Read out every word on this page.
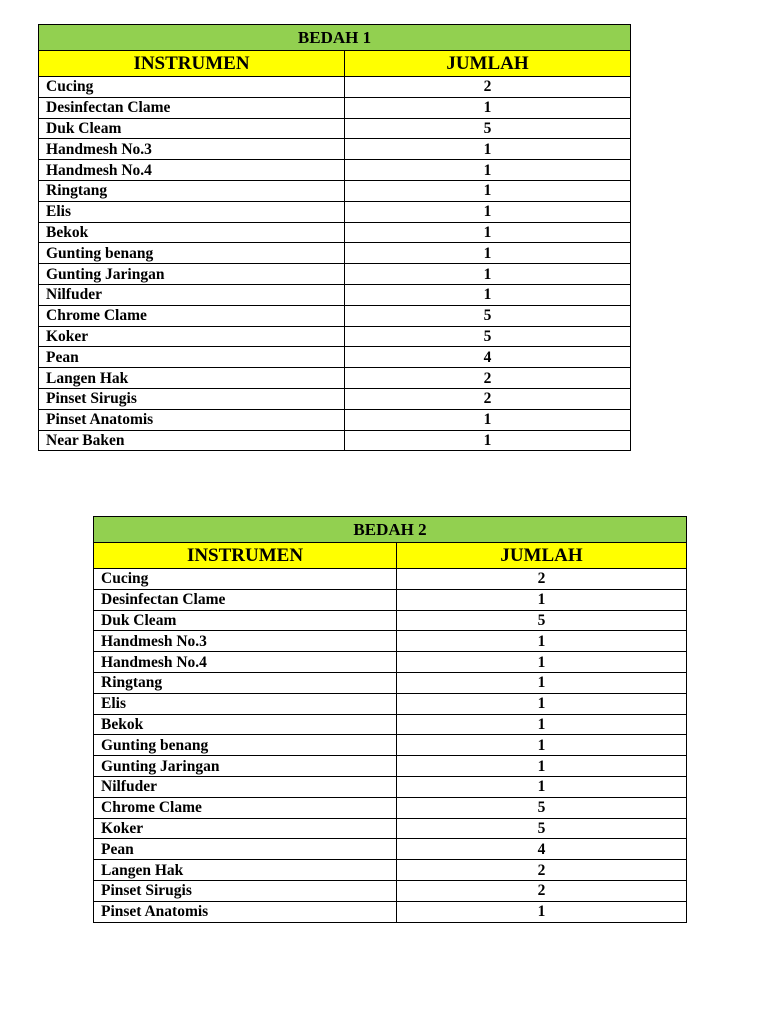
BEDAH 1	
INSTRUMEN	JUMLAH
Cucing	2
Desinfectan Clame	1
Duk Cleam	5
Handmesh No.3	1
Handmesh No.4	1
Ringtang	1
Elis	1
Bekok	1
Gunting benang	1
Gunting Jaringan	1
Nilfuder	1
Chrome Clame	5
Koker	5
Pean	4
Langen Hak	2
Pinset Sirugis	2
Pinset Anatomis	1
Near Baken	1
BEDAH 2	
INSTRUMEN	JUMLAH
Cucing	2
Desinfectan Clame	1
Duk Cleam	5
Handmesh No.3	1
Handmesh No.4	1
Ringtang	1
Elis	1
Bekok	1
Gunting benang	1
Gunting Jaringan	1
Nilfuder	1
Chrome Clame	5
Koker	5
Pean	4
Langen Hak	2
Pinset Sirugis	2
Pinset Anatomis	1
